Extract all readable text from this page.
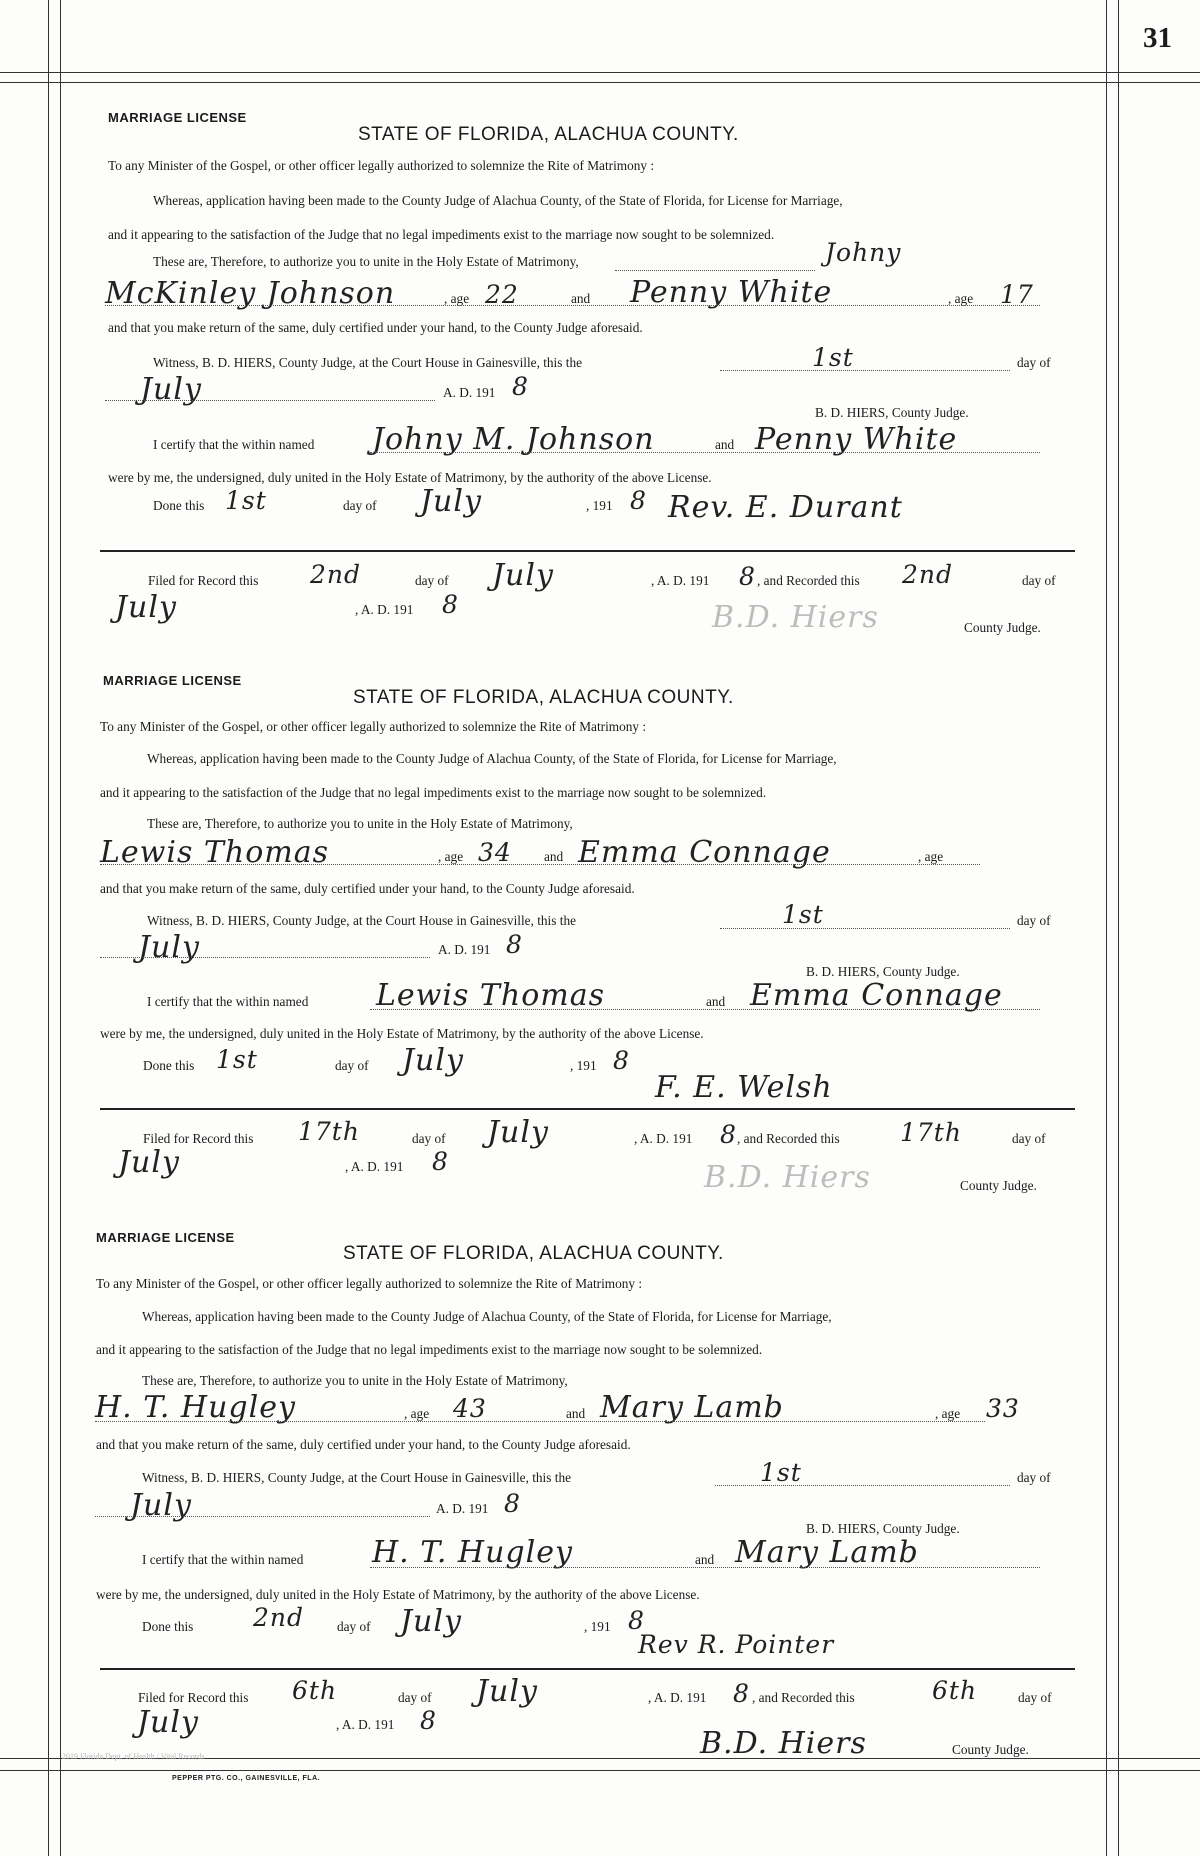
31
MARRIAGE LICENSE
STATE OF FLORIDA, ALACHUA COUNTY.
To any Minister of the Gospel, or other officer legally authorized to solemnize the Rite of Matrimony :
Whereas, application having been made to the County Judge of Alachua County, of the State of Florida, for License for Marriage,
and it appearing to the satisfaction of the Judge that no legal impediments exist to the marriage now sought to be solemnized.
These are, Therefore, to authorize you to unite in the Holy Estate of Matrimony,	Johny
McKinley Johnson	, age 22	and Penny White	, age 17
and that you make return of the same, duly certified under your hand, to the County Judge aforesaid.
Witness, B. D. HIERS, County Judge, at the Court House in Gainesville, this the	1st	day of
July	A. D. 191 8
B. D. HIERS, County Judge.
I certify that the within named Johny M. Johnson	and Penny White
were by me, the undersigned, duly united in the Holy Estate of Matrimony, by the authority of the above License.
Done this 1st	day of July	, 191 8 Rev. E. Durant
Filed for Record this 2nd	day of July	, A. D. 191 8 , and Recorded this 2nd	day of
July	, A. D. 191 8	B.D. Hiers	County Judge.
MARRIAGE LICENSE
STATE OF FLORIDA, ALACHUA COUNTY.
To any Minister of the Gospel, or other officer legally authorized to solemnize the Rite of Matrimony :
Whereas, application having been made to the County Judge of Alachua County, of the State of Florida, for License for Marriage,
and it appearing to the satisfaction of the Judge that no legal impediments exist to the marriage now sought to be solemnized.
These are, Therefore, to authorize you to unite in the Holy Estate of Matrimony,
Lewis Thomas	, age 34 and Emma Connage	, age
and that you make return of the same, duly certified under your hand, to the County Judge aforesaid.
Witness, B. D. HIERS, County Judge, at the Court House in Gainesville, this the	1st	day of
July	A. D. 191 8
B. D. HIERS, County Judge.
I certify that the within named Lewis Thomas	and Emma Connage
were by me, the undersigned, duly united in the Holy Estate of Matrimony, by the authority of the above License.
Done this 1st	day of July	, 191 8
F. E. Welsh
Filed for Record this 17th	day of July	, A. D. 191 8 , and Recorded this 17th	day of
July	, A. D. 191 8	B.D. Hiers	County Judge.
MARRIAGE LICENSE
STATE OF FLORIDA, ALACHUA COUNTY.
To any Minister of the Gospel, or other officer legally authorized to solemnize the Rite of Matrimony :
Whereas, application having been made to the County Judge of Alachua County, of the State of Florida, for License for Marriage,
and it appearing to the satisfaction of the Judge that no legal impediments exist to the marriage now sought to be solemnized.
These are, Therefore, to authorize you to unite in the Holy Estate of Matrimony,
H. T. Hugley	, age 43	and Mary Lamb	, age 33
and that you make return of the same, duly certified under your hand, to the County Judge aforesaid.
Witness, B. D. HIERS, County Judge, at the Court House in Gainesville, this the	1st	day of
July	A. D. 191 8
B. D. HIERS, County Judge.
I certify that the within named H. T. Hugley	and Mary Lamb
were by me, the undersigned, duly united in the Holy Estate of Matrimony, by the authority of the above License.
Done this 2nd day of July	, 191 8
Rev R. Pointer
Filed for Record this 6th	day of July	, A. D. 191 8 , and Recorded this	6th	day of
July	, A. D. 191 8
B.D. Hiers	County Judge.
2019 Florida Dept. of Health / Vital Records
PEPPER PTG. CO., GAINESVILLE, FLA.
